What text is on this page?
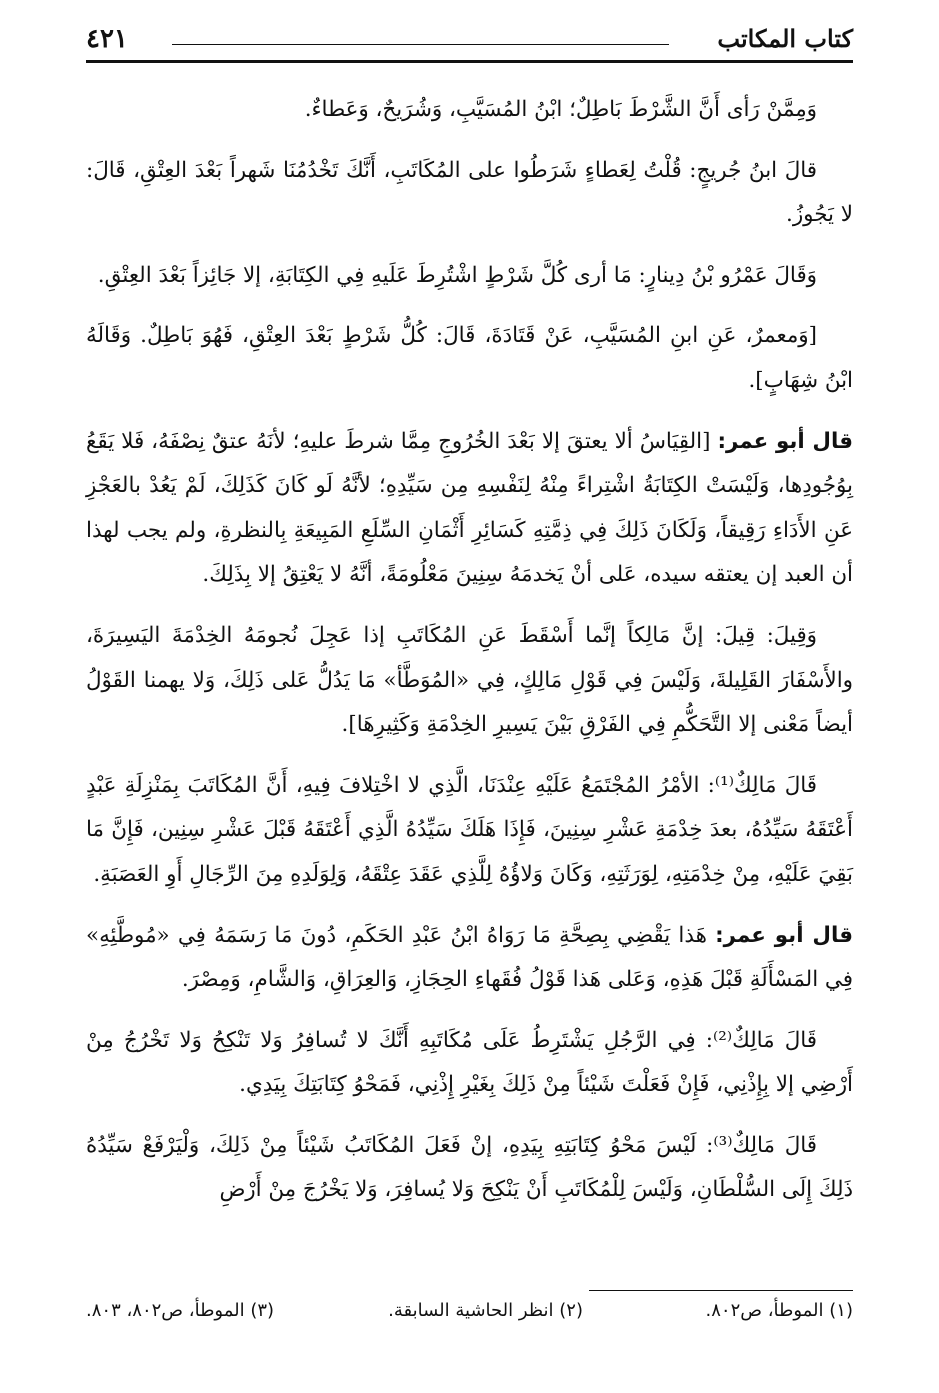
كتاب المكاتب
٤٢١

وَمِمَّنْ رَأى أَنَّ الشَّرْطَ بَاطِلٌ؛ ابْنُ المُسَيَّبِ، وَشُرَيحٌ، وَعَطاءٌ.

قالَ ابنُ جُريجٍ: قُلْتُ لِعَطاءٍ شَرَطُوا على المُكَاتَبِ، أَنَّكَ تَخْدُمُنَا شَهراً بَعْدَ العِتْقِ، قَالَ: لا يَجُوزُ.

وَقَالَ عَمْرُو بْنُ دِينارٍ: مَا أرى كُلَّ شَرْطٍ اشْتُرِطَ عَلَيهِ فِي الكِتَابَةِ، إلا جَائِزاً بَعْدَ العِتْقِ.

[وَمعمرٌ، عَنِ ابنِ المُسَيَّبِ، عَنْ قَتَادَةَ، قَالَ: كُلُّ شَرْطٍ بَعْدَ العِتْقِ، فَهُوَ بَاطِلٌ. وَقَالَهُ ابْنُ شِهَابٍ].

قال أبو عمر: [القِيَاسُ ألا يعتقَ إلا بَعْدَ الخُرُوجِ مِمَّا شرطَ عليهِ؛ لأنَهُ عتقٌ نِصْفَهُ، فَلا يَقَعُ بِوُجُودِها، وَلَيْسَتْ الكِتَابَةُ اشْتِراءً مِنْهُ لِنَفْسِهِ مِن سَيِّدِهِ؛ لأنَّهُ لَو كَانَ كَذَلِكَ، لَمْ يَعُدْ بالعَجْزِ عَنِ الأَدَاءِ رَقِيقاً، وَلَكَانَ ذَلِكَ فِي ذِمَّتِهِ كَسَائِرِ أَثْمَانِ السِّلَعِ المَبِيعَةِ بِالنظرةِ، ولم يجب لهذا أن العبد إن يعتقه سيده، عَلى أنْ يَخدمَهُ سِنِينَ مَعْلُومَةً، أنَّهُ لا يَعْتِقُ إلا بِذَلِكَ.

وَقِيلَ: قِيلَ: إنَّ مَالِكاً إنَّما أَسْقَطَ عَنِ المُكَاتَبِ إذا عَجِلَ نُجومَهُ الخِدْمَةَ اليَسِيرَةَ، والأَسْفَارَ القَلِيلةَ، وَلَيْسَ فِي قَوْلِ مَالِكٍ، فِي «المُوَطَّأ» مَا يَدُلُّ عَلى ذَلِكَ، وَلا يهمنا القَوْلُ أيضاً مَعْنى إلا التَّحَكُّمِ فِي الفَرْقِ بَيْنَ يَسِيرِ الخِدْمَةِ وَكَثِيرِهَا].

قَالَ مَالِكٌ⁽¹⁾: الأمْرُ المُجْتَمَعُ عَلَيْهِ عِنْدَنَا، الَّذِي لا اخْتِلافَ فِيهِ، أَنَّ المُكَاتَبَ بِمَنْزِلَةِ عَبْدٍ أَعْتَقَهُ سَيِّدُهُ، بعدَ خِدْمَةِ عَشْرِ سِنِينَ، فَإِذَا هَلَكَ سَيِّدُهُ الَّذِي أَعْتَقَهُ قَبْلَ عَشْرِ سِنِين، فَإِنَّ مَا بَقِيَ عَلَيْهِ، مِنْ خِدْمَتِهِ، لِوَرَثَتِهِ، وَكَانَ وَلاؤُهُ لِلَّذِي عَقَدَ عِتْقَهُ، وَلِوَلَدِهِ مِنَ الرِّجَالِ أَوِ العَصَبَةِ.

قال أبو عمر: هَذا يَقْضِي بِصِحَّةِ مَا رَوَاهُ ابْنُ عَبْدِ الحَكَمِ، دُونَ مَا رَسَمَهُ فِي «مُوطَّئِهِ» فِي المَسْأَلَةِ قَبْلَ هَذِهِ، وَعَلى هَذا قَوْلُ فُقَهاءِ الحِجَازِ، وَالعِرَاقِ، وَالشَّامِ، وَمِصْرَ.

قَالَ مَالِكٌ⁽²⁾: فِي الرَّجُلِ يَشْتَرِطُ عَلَى مُكَاتَبِهِ أَنَّكَ لا تُسافِرُ وَلا تَنْكِحُ وَلا تَخْرُجُ مِنْ أَرْضِي إلا بِإِذْنِي، فَإِنْ فَعَلْتَ شَيْئاً مِنْ ذَلِكَ بِغَيْرِ إِذْنِي، فَمَحْوُ كِتَابَتِكَ بِيَدِي.

قَالَ مَالِكٌ⁽³⁾: لَيْسَ مَحْوُ كِتَابَتِهِ بِيَدِهِ، إنْ فَعَلَ المُكَاتَبُ شَيْئاً مِنْ ذَلِكَ، وَلْيَرْفَعْ سَيِّدُهُ ذَلِكَ إِلَى السُّلْطَانِ، وَلَيْسَ لِلْمُكَاتَبِ أَنْ يَنْكِحَ وَلا يُسافِرَ، وَلا يَخْرُجَ مِنْ أَرْضِ

(١) الموطأ، ص٨٠٢.
(٢) انظر الحاشية السابقة.
(٣) الموطأ، ص٨٠٢، ٨٠٣.
